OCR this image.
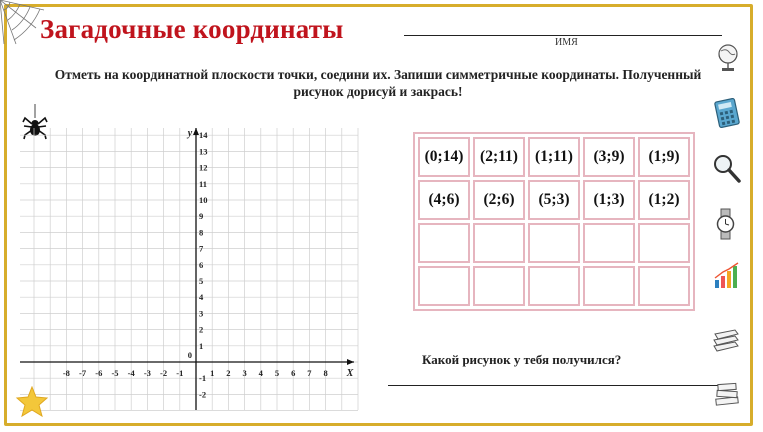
Загадочные координаты	ИМЯ
Отметь на координатной плоскости точки, соедини их. Запиши симметричные координаты. Полученный
рисунок дорисуй и закрась!
-8 -7 -6 -5 -4 -3 -2 -1	1 2 3 4 5 6 7 8
14
13
12
11
10
9
8
7
6
5
4
3
2
1
-1
-2
0
X
у
(0;14)	(2;11)	(1;11)	(3;9)	(1;9)
(4;6)	(2;6)	(5;3)	(1;3)	(1;2)

Какой рисунок у тебя получился?
